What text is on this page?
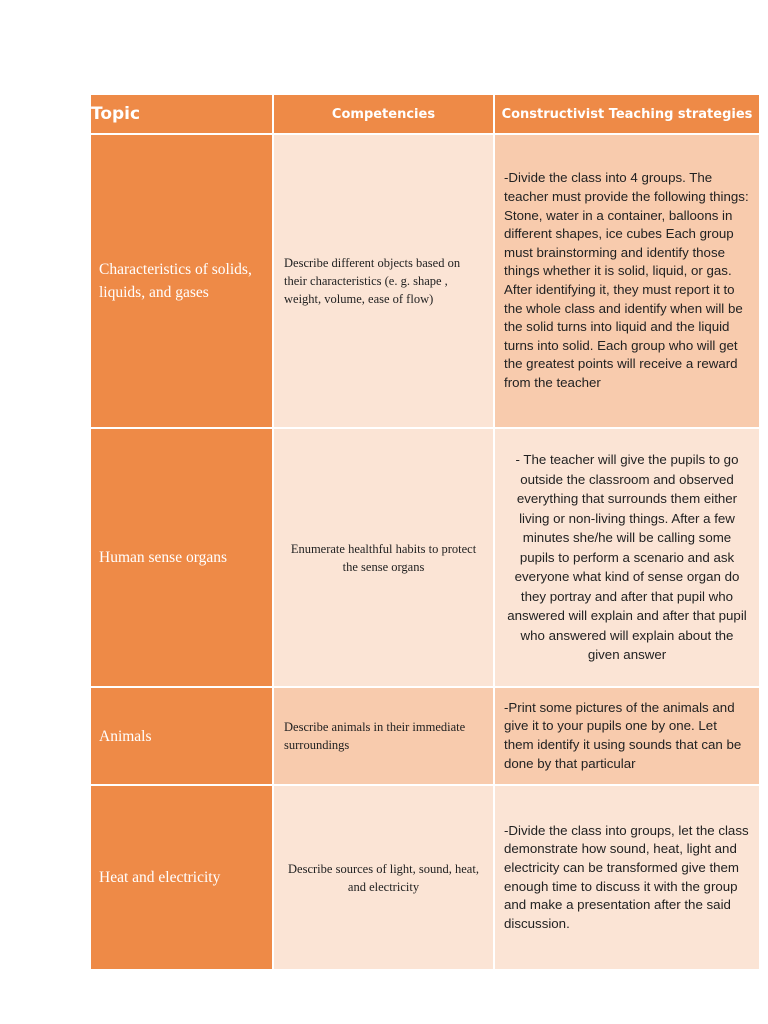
Topic	Competencies	Constructivist Teaching strategies
Characteristics of solids, liquids, and gases	Describe different objects based on their characteristics (e. g. shape , weight, volume, ease of flow)	-Divide the class into 4 groups. The teacher must provide the following things: Stone, water in a container, balloons in different shapes, ice cubes Each group must brainstorming and identify those things whether it is solid, liquid, or gas. After identifying it, they must report it to the whole class and identify when will be the solid turns into liquid and the liquid turns into solid. Each group who will get the greatest points will receive a reward from the teacher
Human sense organs	Enumerate healthful habits to protect the sense organs	- The teacher will give the pupils to go outside the classroom and observed everything that surrounds them either living or non-living things. After a few minutes she/he will be calling some pupils to perform a scenario and ask everyone what kind of sense organ do they portray and after that pupil who answered will explain and after that pupil who answered will explain about the given answer
Animals	Describe animals in their immediate surroundings	-Print some pictures of the animals and give it to your pupils one by one. Let them identify it using sounds that can be done by that particular
Heat and electricity	Describe sources of light, sound, heat, and electricity	-Divide the class into groups, let the class demonstrate how sound, heat, light and electricity can be transformed give them enough time to discuss it with the group and make a presentation after the said discussion.
